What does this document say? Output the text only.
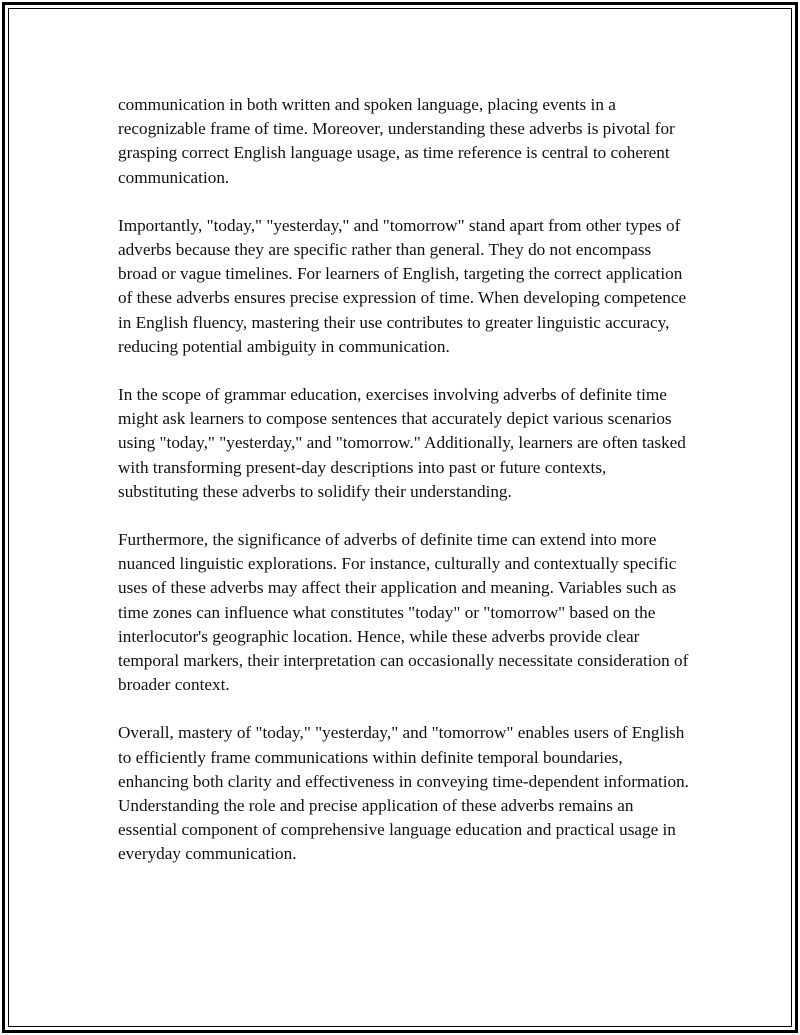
communication in both written and spoken language, placing events in a recognizable frame of time. Moreover, understanding these adverbs is pivotal for grasping correct English language usage, as time reference is central to coherent communication.

Importantly, "today," "yesterday," and "tomorrow" stand apart from other types of adverbs because they are specific rather than general. They do not encompass broad or vague timelines. For learners of English, targeting the correct application of these adverbs ensures precise expression of time. When developing competence in English fluency, mastering their use contributes to greater linguistic accuracy, reducing potential ambiguity in communication.

In the scope of grammar education, exercises involving adverbs of definite time might ask learners to compose sentences that accurately depict various scenarios using "today," "yesterday," and "tomorrow." Additionally, learners are often tasked with transforming present-day descriptions into past or future contexts, substituting these adverbs to solidify their understanding.

Furthermore, the significance of adverbs of definite time can extend into more nuanced linguistic explorations. For instance, culturally and contextually specific uses of these adverbs may affect their application and meaning. Variables such as time zones can influence what constitutes "today" or "tomorrow" based on the interlocutor's geographic location. Hence, while these adverbs provide clear temporal markers, their interpretation can occasionally necessitate consideration of broader context.

Overall, mastery of "today," "yesterday," and "tomorrow" enables users of English to efficiently frame communications within definite temporal boundaries, enhancing both clarity and effectiveness in conveying time-dependent information. Understanding the role and precise application of these adverbs remains an essential component of comprehensive language education and practical usage in everyday communication.
